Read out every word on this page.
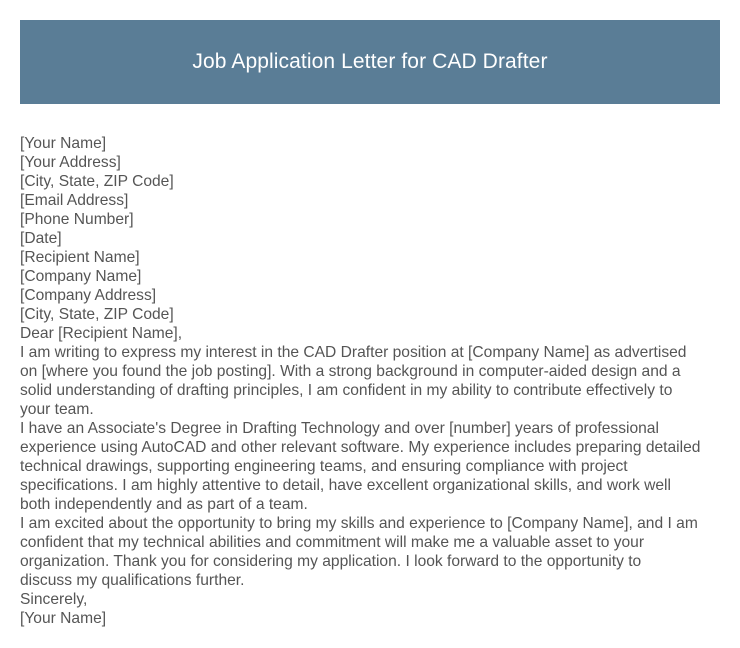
Job Application Letter for CAD Drafter
[Your Name]
[Your Address]
[City, State, ZIP Code]
[Email Address]
[Phone Number]
[Date]
[Recipient Name]
[Company Name]
[Company Address]
[City, State, ZIP Code]
Dear [Recipient Name],
I am writing to express my interest in the CAD Drafter position at [Company Name] as advertised
on [where you found the job posting]. With a strong background in computer-aided design and a
solid understanding of drafting principles, I am confident in my ability to contribute effectively to
your team.
I have an Associate's Degree in Drafting Technology and over [number] years of professional
experience using AutoCAD and other relevant software. My experience includes preparing detailed
technical drawings, supporting engineering teams, and ensuring compliance with project
specifications. I am highly attentive to detail, have excellent organizational skills, and work well
both independently and as part of a team.
I am excited about the opportunity to bring my skills and experience to [Company Name], and I am
confident that my technical abilities and commitment will make me a valuable asset to your
organization. Thank you for considering my application. I look forward to the opportunity to
discuss my qualifications further.
Sincerely,
[Your Name]
